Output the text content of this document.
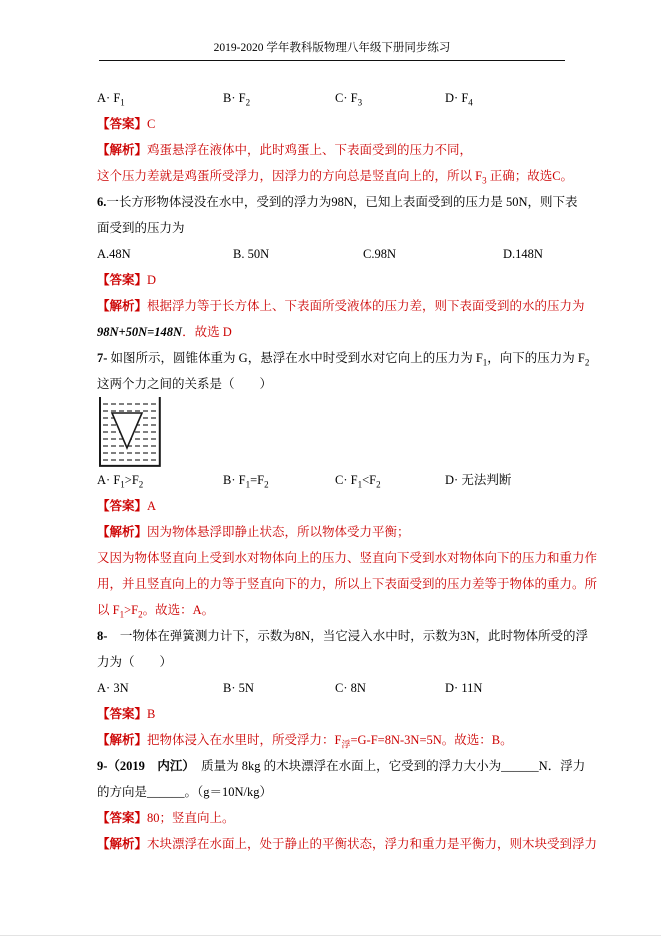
2019-2020 学年教科版物理八年级下册同步练习
$A\cdot F_1$	$B\cdot F_2$	$C\cdot F_3$	$D\cdot F_4$
【答案】C
【解析】鸡蛋悬浮在液体中，此时鸡蛋上、下表面受到的压力不同，
这个压力差就是鸡蛋所受浮力，因浮力的方向总是竖直向上的，所以 $F_3$ 正确；故选C。
6.一长方形物体浸没在水中，受到的浮力为98N，已知上表面受到的压力是 50N，则下表
面受到的压力为
A.48N	B. 50N	C.98N	D.148N
【答案】D
【解析】根据浮力等于长方体上、下表面所受液体的压力差，则下表面受到的水的压力为
98N+50N=148N．故选 D
7- 如图所示，圆锥体重为 G，悬浮在水中时受到水对它向上的压力为 $F_1$，向下的压力为 $F_2$
这两个力之间的关系是（　　）
$A\cdot F_1>F_2$	$B\cdot F_1=F_2$	$C\cdot F_1<F_2$	D· 无法判断
【答案】A
【解析】因为物体悬浮即静止状态，所以物体受力平衡；
又因为物体竖直向上受到水对物体向上的压力、竖直向下受到水对物体向下的压力和重力作
用，并且竖直向上的力等于竖直向下的力，所以上下表面受到的压力差等于物体的重力。所
以 $F_1>F_2$。故选：A。
8-　一物体在弹簧测力计下，示数为8N，当它浸入水中时，示数为3N，此时物体所受的浮
力为（　　）
A· 3N	B· 5N	C· 8N	D· 11N
【答案】B
【解析】把物体浸入在水里时，所受浮力：$F_浮=G-F=8N-3N=5N$。故选：B。
9-（2019　内江）　质量为 8kg 的木块漂浮在水面上，它受到的浮力大小为______N．浮力
的方向是______。（g＝10N/kg）
【答案】80；竖直向上。
【解析】木块漂浮在水面上，处于静止的平衡状态，浮力和重力是平衡力，则木块受到浮力
